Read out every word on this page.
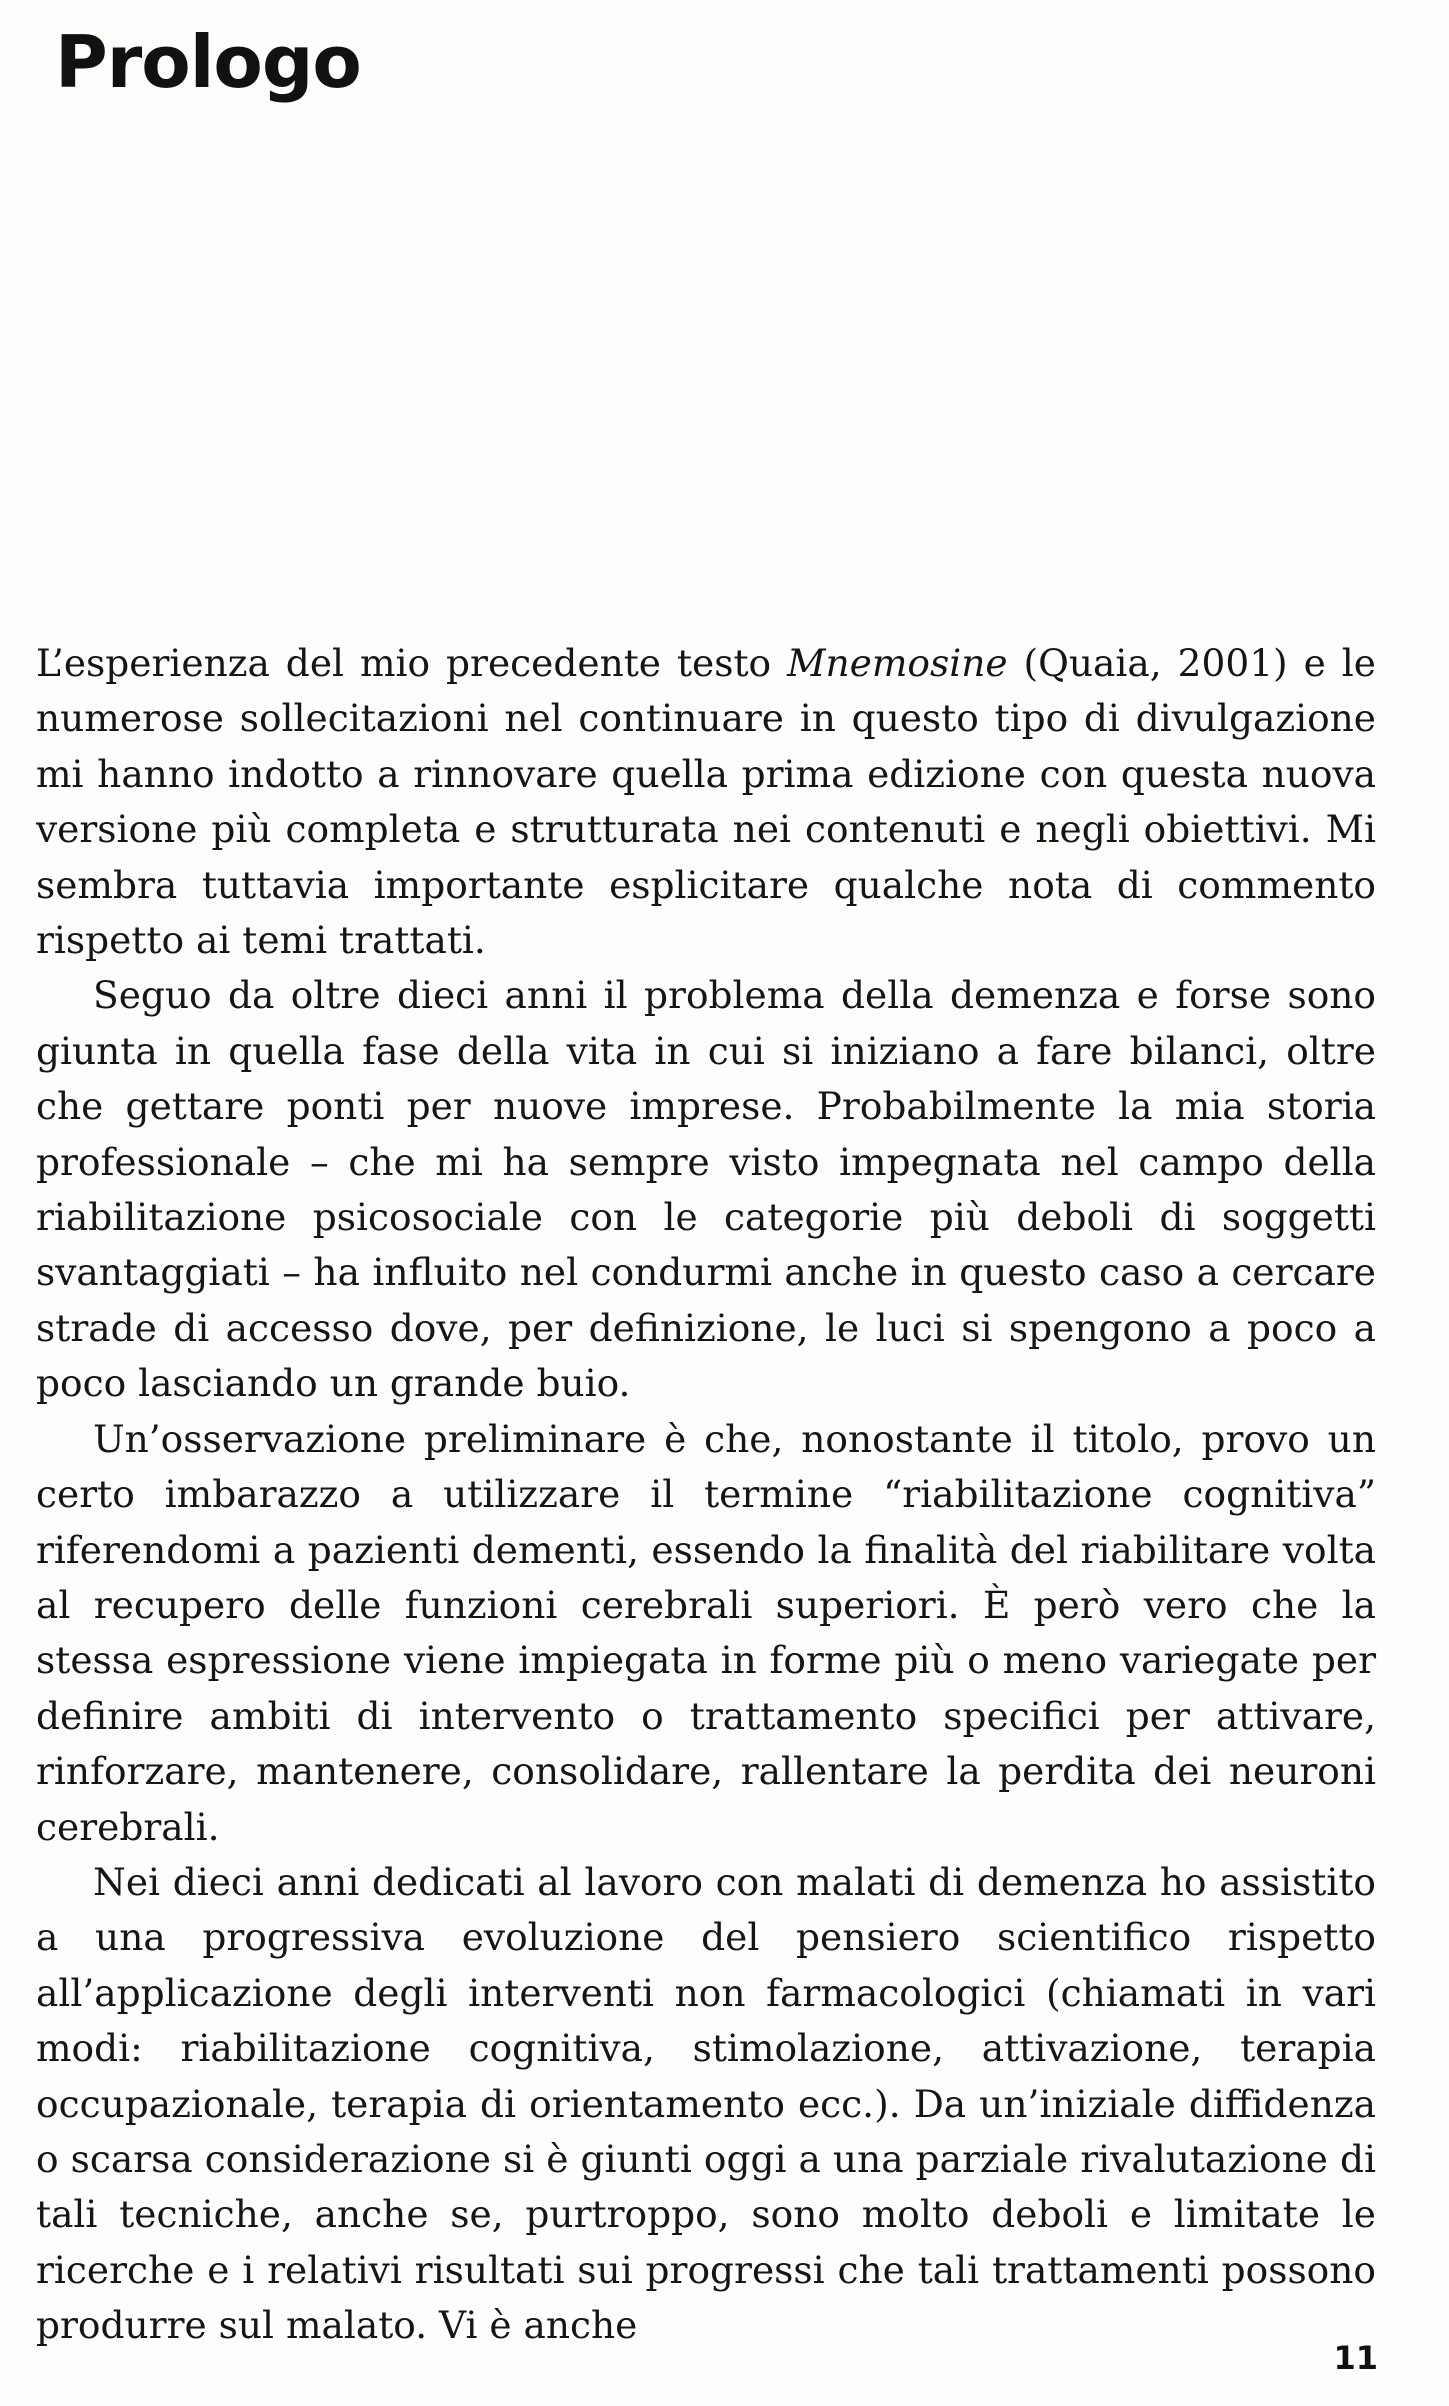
Prologo

L’esperienza del mio precedente testo Mnemosine (Quaia, 2001) e le numerose sollecitazioni nel continuare in questo tipo di divulgazione mi hanno indotto a rinnovare quella prima edizione con questa nuova versione più completa e strutturata nei contenuti e negli obiettivi. Mi sembra tuttavia importante esplicitare qualche nota di commento rispetto ai temi trattati.

Seguo da oltre dieci anni il problema della demenza e forse sono giunta in quella fase della vita in cui si iniziano a fare bilanci, oltre che gettare ponti per nuove imprese. Probabilmente la mia storia professionale – che mi ha sempre visto impegnata nel campo della riabilitazione psicosociale con le categorie più deboli di soggetti svantaggiati – ha influito nel condurmi anche in questo caso a cercare strade di accesso dove, per definizione, le luci si spengono a poco a poco lasciando un grande buio.

Un’osservazione preliminare è che, nonostante il titolo, provo un certo imbarazzo a utilizzare il termine “riabilitazione cognitiva” riferendomi a pazienti dementi, essendo la finalità del riabilitare volta al recupero delle funzioni cerebrali superiori. È però vero che la stessa espressione viene impiegata in forme più o meno variegate per definire ambiti di intervento o trattamento specifici per attivare, rinforzare, mantenere, consolidare, rallentare la perdita dei neuroni cerebrali.

Nei dieci anni dedicati al lavoro con malati di demenza ho assistito a una progressiva evoluzione del pensiero scientifico rispetto all’applicazione degli interventi non farmacologici (chiamati in vari modi: riabilitazione cognitiva, stimolazione, attivazione, terapia occupazionale, terapia di orientamento ecc.). Da un’iniziale diffidenza o scarsa considerazione si è giunti oggi a una parziale rivalutazione di tali tecniche, anche se, purtroppo, sono molto deboli e limitate le ricerche e i relativi risultati sui progressi che tali trattamenti possono produrre sul malato. Vi è anche

11
